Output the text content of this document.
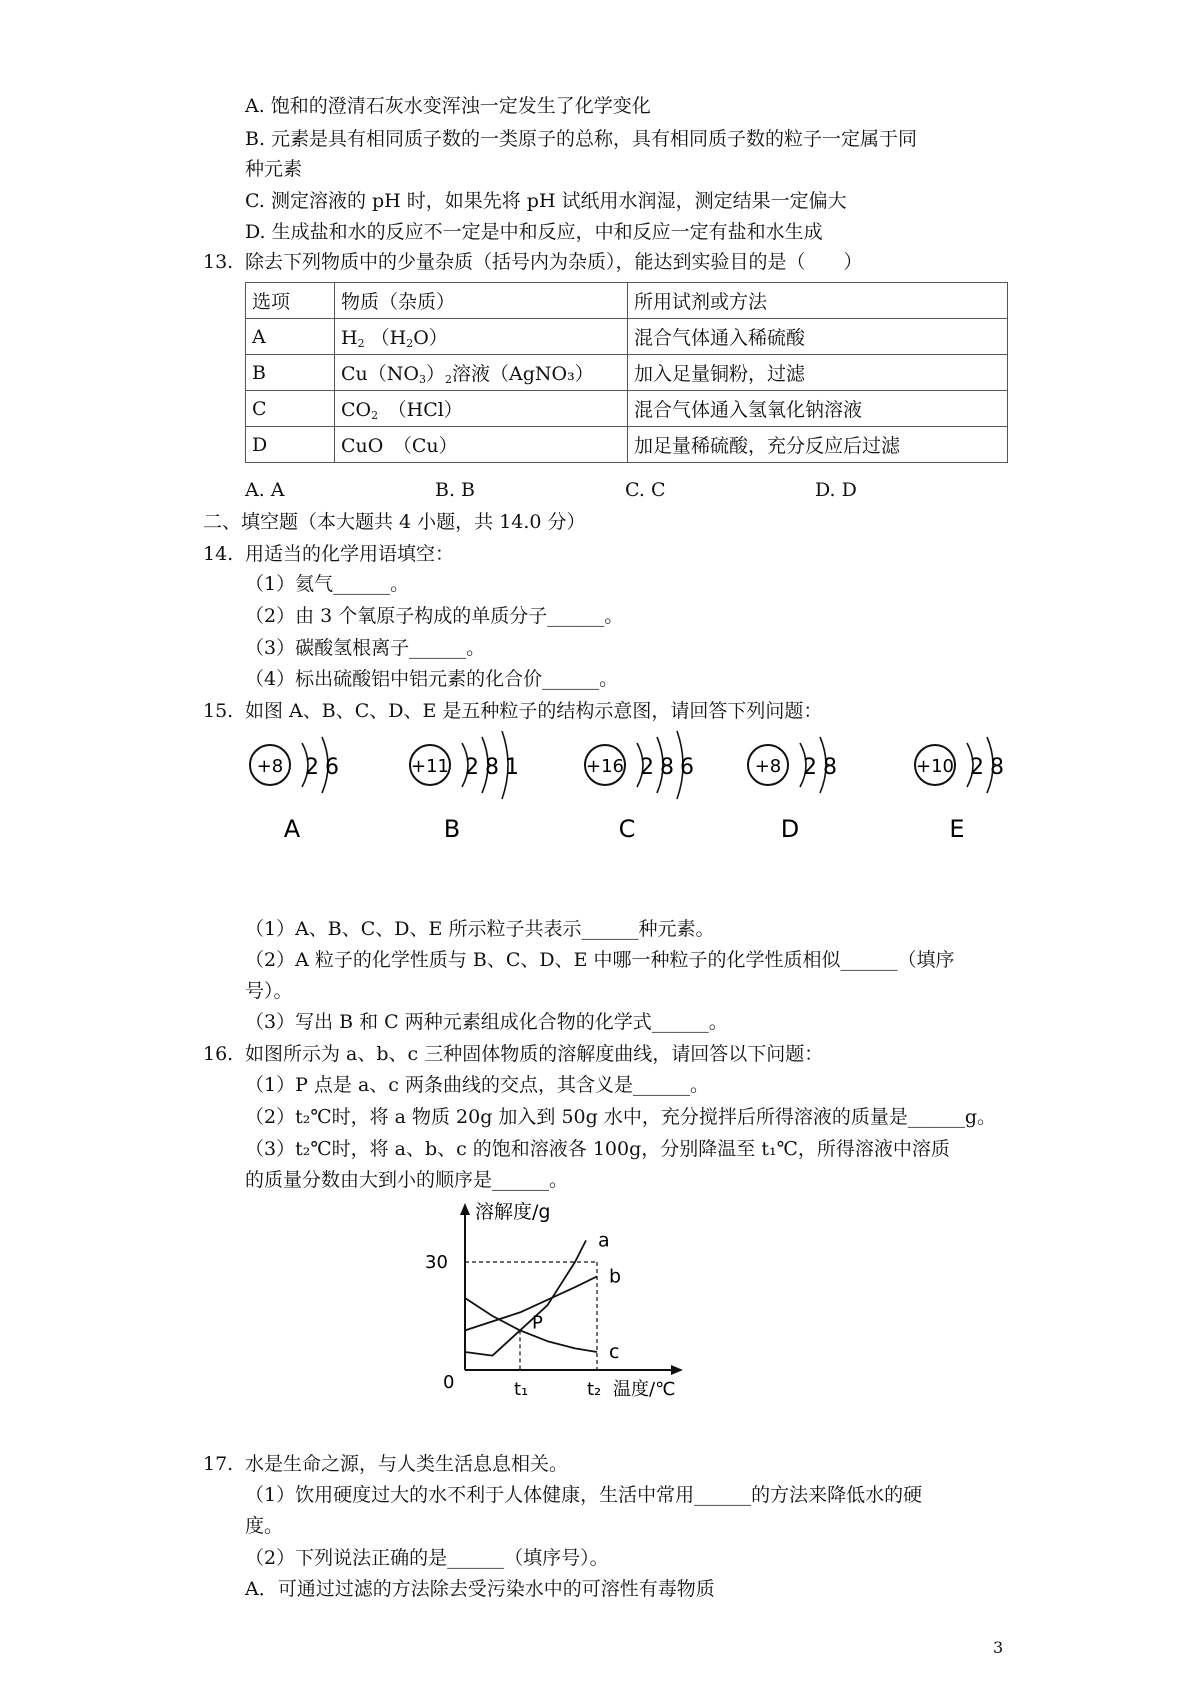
A. 饱和的澄清石灰水变浑浊一定发生了化学变化
B. 元素是具有相同质子数的一类原子的总称，具有相同质子数的粒子一定属于同
种元素
C. 测定溶液的 pH 时，如果先将 pH 试纸用水润湿，测定结果一定偏大
D. 生成盐和水的反应不一定是中和反应，中和反应一定有盐和水生成
13. 除去下列物质中的少量杂质（括号内为杂质），能达到实验目的是（　　）
选项	物质（杂质）	所用试剂或方法
A	$H_2$ $(H_2O)$	混合气体通入稀硫酸
B	$Cu(NO_3)_2$溶液（AgNO₃）	加入足量铜粉，过滤
C	$CO_2$　（HCl）	混合气体通入氢氧化钠溶液
D	CuO　（Cu）	加足量稀硫酸，充分反应后过滤
A. A	B. B	C. C	D. D
二、填空题（本大题共 4 小题，共 14.0 分）
14. 用适当的化学用语填空：
（1）氦气______。
（2）由 3 个氧原子构成的单质分子______。
（3）碳酸氢根离子______。
（4）标出硫酸铝中铝元素的化合价______。
15. 如图 A、B、C、D、E 是五种粒子的结构示意图，请回答下列问题：
+8 2 6
A
+11 2 8 1
B
+16 2 8 6
C
+8 2 8
D
+10 2 8
E
（1）A、B、C、D、E 所示粒子共表示______种元素。
（2）A 粒子的化学性质与 B、C、D、E 中哪一种粒子的化学性质相似______（填序
号）。
（3）写出 B 和 C 两种元素组成化合物的化学式______。
16. 如图所示为 a、b、c 三种固体物质的溶解度曲线，请回答以下问题：
（1）P 点是 a、c 两条曲线的交点，其含义是______。
（2）t₂℃时，将 a 物质 20g 加入到 50g 水中，充分搅拌后所得溶液的质量是______g。
（3）t₂℃时，将 a、b、c 的饱和溶液各 100g，分别降温至 t₁℃，所得溶液中溶质
的质量分数由大到小的顺序是______。
溶解度/g
温度/℃
0
30
t₁	t₂
a
b
c
P
17. 水是生命之源，与人类生活息息相关。
（1）饮用硬度过大的水不利于人体健康，生活中常用______的方法来降低水的硬
度。
（2）下列说法正确的是______（填序号）。
A．可通过过滤的方法除去受污染水中的可溶性有毒物质
3
